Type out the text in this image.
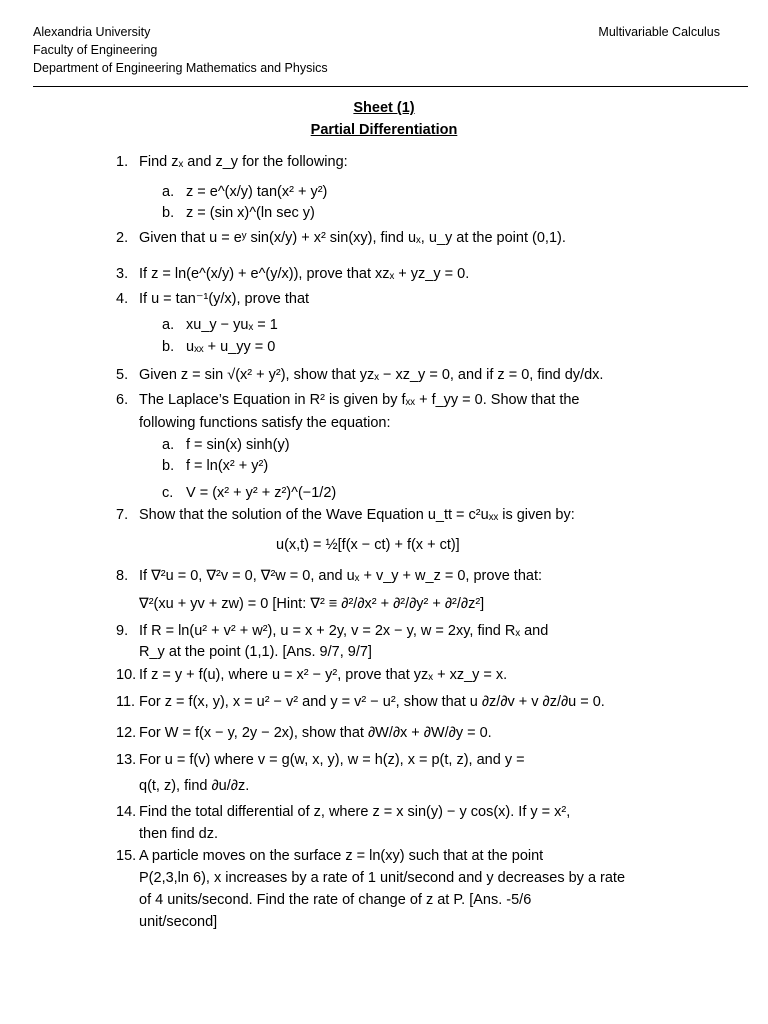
Alexandria University
Faculty of Engineering
Department of Engineering Mathematics and Physics
Multivariable Calculus
Sheet (1)
Partial Differentiation
1. Find zₓ and z_y for the following:
a. z = e^(x/y) tan(x² + y²)
b. z = (sin x)^(ln sec y)
2. Given that u = eʸ sin(x/y) + x² sin(xy), find uₓ, u_y at the point (0,1).
3. If z = ln(e^(x/y) + e^(y/x)), prove that xzₓ + yz_y = 0.
4. If u = tan⁻¹(y/x), prove that
a. xu_y − yuₓ = 1
b. uₓₓ + u_yy = 0
5. Given z = sin √(x² + y²), show that yzₓ − xz_y = 0, and if z = 0, find dy/dx.
6. The Laplace’s Equation in R² is given by fₓₓ + f_yy = 0. Show that the
following functions satisfy the equation:
a. f = sin(x) sinh(y)
b. f = ln(x² + y²)
c. V = (x² + y² + z²)^(−1/2)
7. Show that the solution of the Wave Equation u_tt = c²uₓₓ is given by:
u(x,t) = ½[f(x − ct) + f(x + ct)]
8. If ∇²u = 0, ∇²v = 0, ∇²w = 0, and uₓ + v_y + w_z = 0, prove that:
∇²(xu + yv + zw) = 0 [Hint: ∇² ≡ ∂²/∂x² + ∂²/∂y² + ∂²/∂z²]
9. If R = ln(u² + v² + w²), u = x + 2y, v = 2x − y, w = 2xy, find Rₓ and
R_y at the point (1,1). [Ans. 9/7, 9/7]
10. If z = y + f(u), where u = x² − y², prove that yzₓ + xz_y = x.
11. For z = f(x, y), x = u² − v² and y = v² − u², show that u ∂z/∂v + v ∂z/∂u = 0.
12. For W = f(x − y, 2y − 2x), show that ∂W/∂x + ∂W/∂y = 0.
13. For u = f(v) where v = g(w, x, y), w = h(z), x = p(t, z), and y =
q(t, z), find ∂u/∂z.
14. Find the total differential of z, where z = x sin(y) − y cos(x). If y = x²,
then find dz.
15. A particle moves on the surface z = ln(xy) such that at the point
P(2,3,ln 6), x increases by a rate of 1 unit/second and y decreases by a rate
of 4 units/second. Find the rate of change of z at P. [Ans. -5/6
unit/second]
